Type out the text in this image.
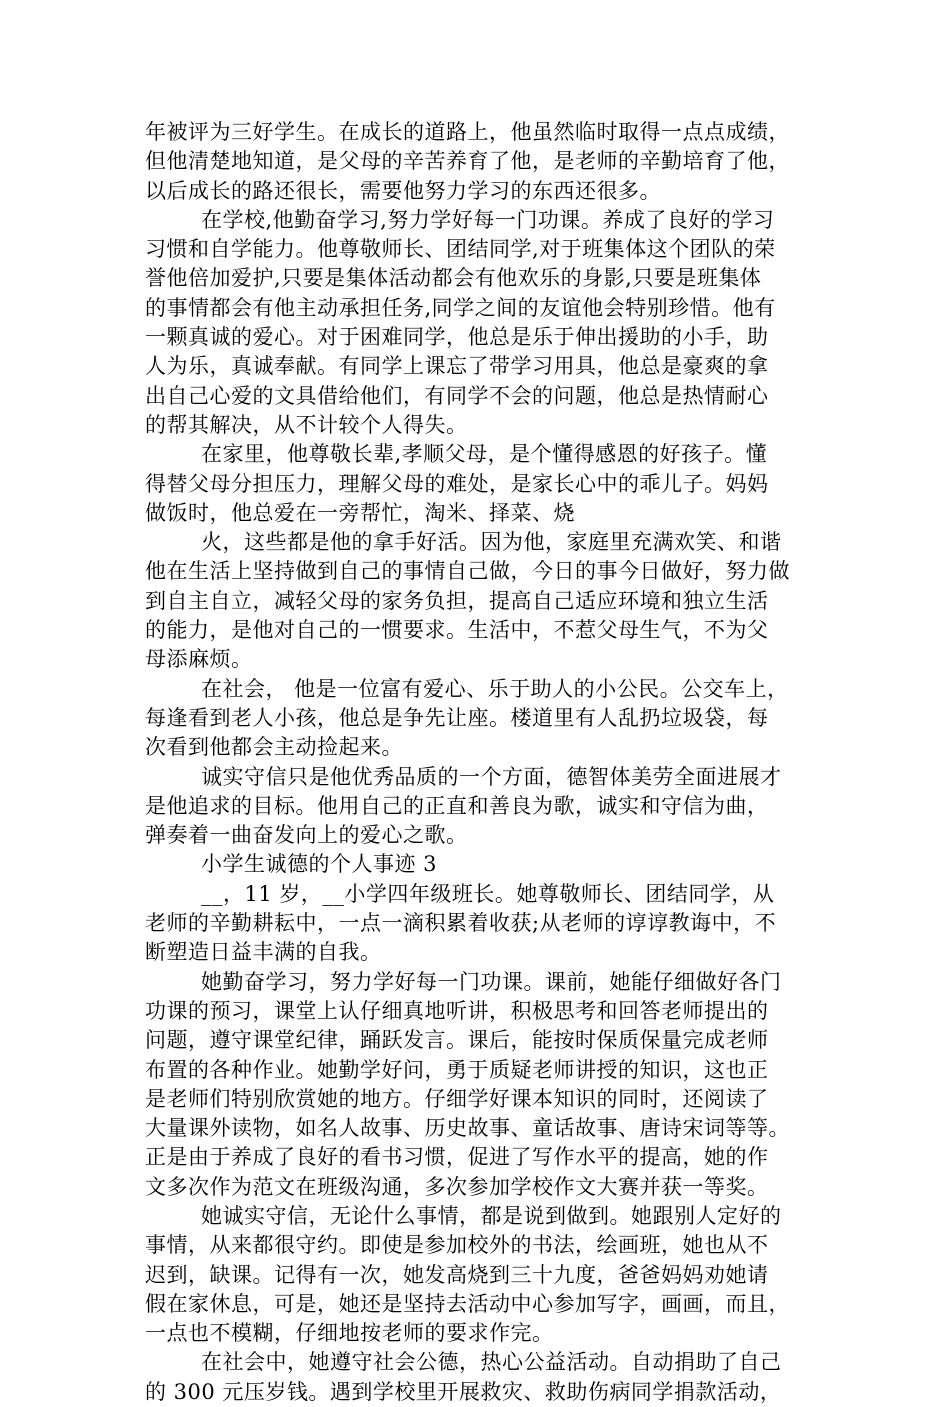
年被评为三好学生。在成长的道路上，他虽然临时取得一点点成绩，
但他清楚地知道，是父母的辛苦养育了他，是老师的辛勤培育了他，
以后成长的路还很长，需要他努力学习的东西还很多。
在学校,他勤奋学习,努力学好每一门功课。养成了良好的学习
习惯和自学能力。他尊敬师长、团结同学,对于班集体这个团队的荣
誉他倍加爱护,只要是集体活动都会有他欢乐的身影,只要是班集体
的事情都会有他主动承担任务,同学之间的友谊他会特别珍惜。他有
一颗真诚的爱心。对于困难同学，他总是乐于伸出援助的小手，助
人为乐，真诚奉献。有同学上课忘了带学习用具，他总是豪爽的拿
出自己心爱的文具借给他们，有同学不会的问题，他总是热情耐心
的帮其解决，从不计较个人得失。
在家里，他尊敬长辈,孝顺父母，是个懂得感恩的好孩子。懂
得替父母分担压力，理解父母的难处，是家长心中的乖儿子。妈妈
做饭时，他总爱在一旁帮忙，淘米、择菜、烧
火，这些都是他的拿手好活。因为他，家庭里充满欢笑、和谐
他在生活上坚持做到自己的事情自己做，今日的事今日做好，努力做
到自主自立，减轻父母的家务负担，提高自己适应环境和独立生活
的能力，是他对自己的一惯要求。生活中，不惹父母生气，不为父
母添麻烦。
在社会， 他是一位富有爱心、乐于助人的小公民。公交车上，
每逢看到老人小孩，他总是争先让座。楼道里有人乱扔垃圾袋，每
次看到他都会主动捡起来。
诚实守信只是他优秀品质的一个方面，德智体美劳全面进展才
是他追求的目标。他用自己的正直和善良为歌，诚实和守信为曲，
弹奏着一曲奋发向上的爱心之歌。
小学生诚德的个人事迹 3
__，11 岁，__小学四年级班长。她尊敬师长、团结同学，从
老师的辛勤耕耘中，一点一滴积累着收获;从老师的谆谆教诲中，不
断塑造日益丰满的自我。
她勤奋学习，努力学好每一门功课。课前，她能仔细做好各门
功课的预习，课堂上认仔细真地听讲，积极思考和回答老师提出的
问题，遵守课堂纪律，踊跃发言。课后，能按时保质保量完成老师
布置的各种作业。她勤学好问，勇于质疑老师讲授的知识，这也正
是老师们特别欣赏她的地方。仔细学好课本知识的同时，还阅读了
大量课外读物，如名人故事、历史故事、童话故事、唐诗宋词等等。
正是由于养成了良好的看书习惯，促进了写作水平的提高，她的作
文多次作为范文在班级沟通，多次参加学校作文大赛并获一等奖。
她诚实守信，无论什么事情，都是说到做到。她跟别人定好的
事情，从来都很守约。即使是参加校外的书法，绘画班，她也从不
迟到，缺课。记得有一次，她发高烧到三十九度，爸爸妈妈劝她请
假在家休息，可是，她还是坚持去活动中心参加写字，画画，而且，
一点也不模糊，仔细地按老师的要求作完。
在社会中，她遵守社会公德，热心公益活动。自动捐助了自己
的 300 元压岁钱。遇到学校里开展救灾、救助伤病同学捐款活动，
